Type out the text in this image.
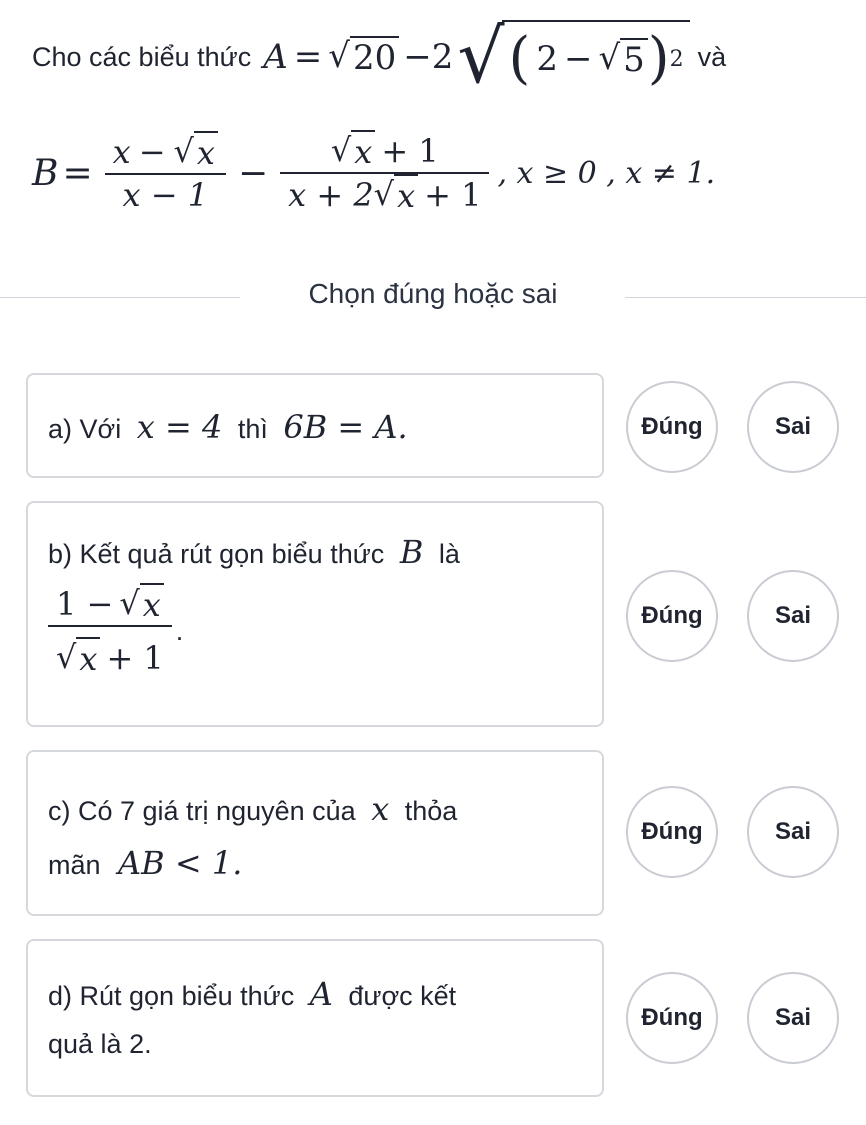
Cho các biểu thức A = √ 20 −2 √ ( 2 − √ 5 ) 2 và
$B = \frac{x - √ x}{x - 1} - \frac{√ x + 1}{x + 2 √ x + 1}$ , x ≥ 0 , x ≠ 1.
Chọn đúng hoặc sai
a) Với x = 4 thì 6B = A.	Đúng	Sai
b) Kết quả rút gọn biểu thức B là
$\frac{1 - √ x}{√ x + 1}$ .	Đúng	Sai
c) Có 7 giá trị nguyên của x thỏa
mãn AB < 1.
Đúng	Sai
d) Rút gọn biểu thức A được kết
quả là 2.
Đúng	Sai
